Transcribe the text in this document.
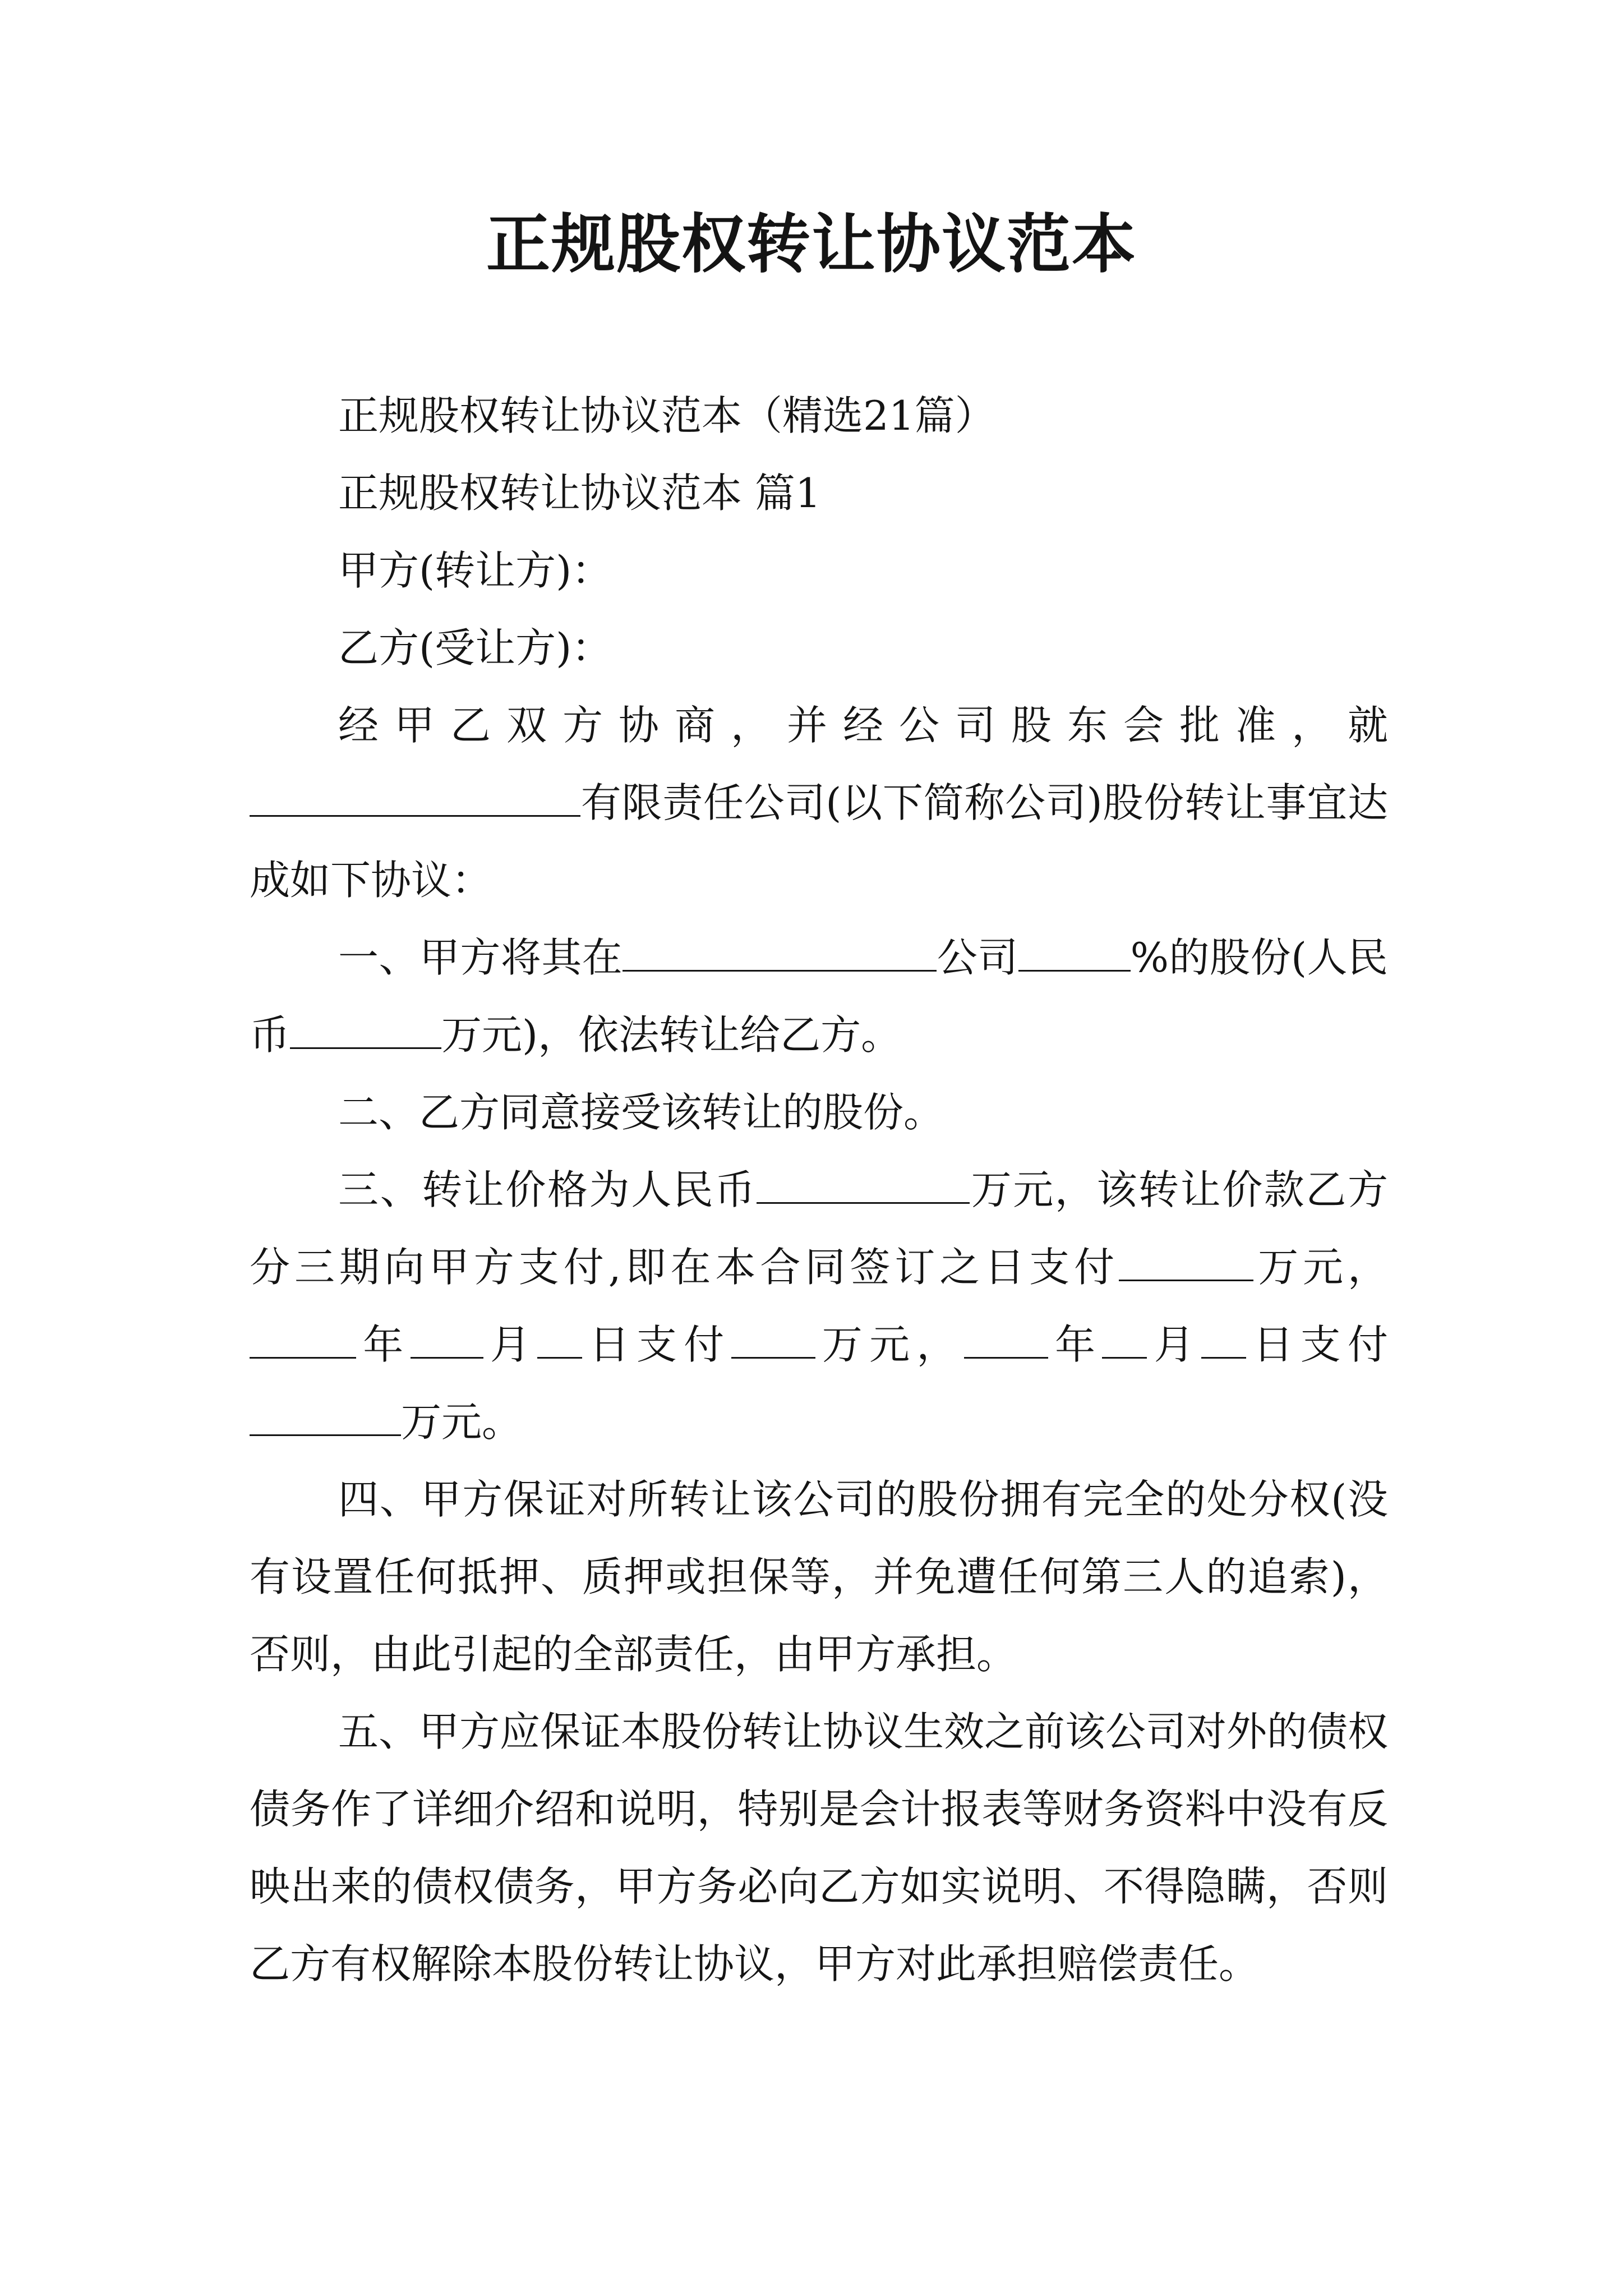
正规股权转让协议范本

正规股权转让协议范本（精选21篇）

正规股权转让协议范本 篇1

甲方(转让方)：

乙方(受让方)：

经甲乙双方协商，并经公司股东会批准，就有限责任公司(以下简称公司)股份转让事宜达成如下协议：

一、甲方将其在	公司	%的股份(人民币	万元)，依法转让给乙方。

二、乙方同意接受该转让的股份。

三、转让价格为人民币	万元，该转让价款乙方分三期向甲方支付,即在本合同签订之日支付	万元，年 月 日支付 万元， 年 月 日支付万元。

四、甲方保证对所转让该公司的股份拥有完全的处分权(没有设置任何抵押、质押或担保等，并免遭任何第三人的追索)，否则，由此引起的全部责任，由甲方承担。

五、甲方应保证本股份转让协议生效之前该公司对外的债权债务作了详细介绍和说明，特别是会计报表等财务资料中没有反映出来的债权债务，甲方务必向乙方如实说明、不得隐瞒，否则乙方有权解除本股份转让协议，甲方对此承担赔偿责任。
